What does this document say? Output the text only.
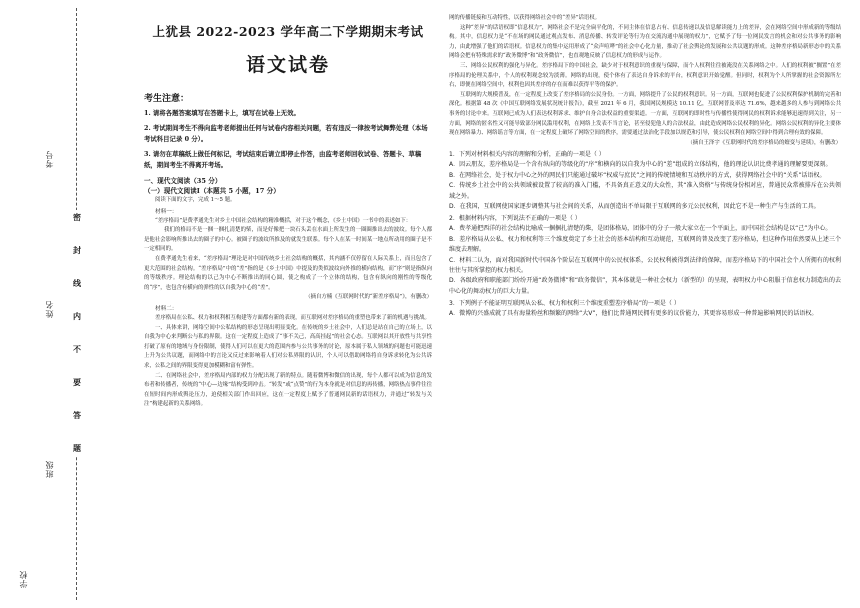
考号
姓名
班级
学校
密
封
线
内
不
要
答
题
上犹县 2022-2023 学年高二下学期期末考试
语文试卷
考生注意：

1. 请将各题答案填写在答题卡上，填写在试卷上无效。

2. 考试期间考生不得向监考老师提出任何与试卷内容相关问题，若有违反一律按考试舞弊处理（本场考试科目记录 0 分）。

3. 请勿在草稿纸上做任何标记，考试结束后请立即停止作答，由监考老师回收试卷、答题卡、草稿纸，期间考生不得离开考场。

一、现代文阅读（35 分）
（一）现代文阅读Ⅰ（本题共 5 小题，17 分）

阅读下面的文字，完成 1～5 题。

材料一：

“差序格局”是费孝通先生对乡土中国社会结构的精准概括，对于这个概念，《乡土中国》一书中的表述如下：

我们的格局不是一捆一捆扎清楚的柴，而是好像把一块石头丢在水面上所发生的一圈圈推出去的波纹。每个人都是他社会影响所推出去的圈子的中心。被圈子的波纹所推及的就发生联系。每个人在某一时间某一地点所动用的圈子是不一定相同的。

在费孝通先生看来，“差序格局”理论是对中国传统乡土社会结构的概括，其内涵不仅停留在人际关系上，而且包含了更大范围的社会结构。“差序格局”中的“差”指的是《乡土中国》中提及的类似波纹向外推的横向结构，而“序”则是指纵向的等级秩序。理论结构的以己为中心不断推出的同心圆，使之构成了一个立体的结构，包含有纵向的刚性的等级化的“序”，也包含有横向的弹性的以自我为中心的“差”。

（摘自方楠《互联网时代的“新差序格局”》，有删改）

材料二：

差序格局在公私、权力和权利相互构建等方面都有新的表现，而互联网对差序格局的重塑也带来了新的机遇与挑战。

一、具体来讲，网络空间中公私结构的形态呈现出明显变化。在传统的乡土社会中，人们总是站在自己的立场上，以自我为中心来判断公与私的界限。这在一定程度上造成了“事不关己，高高挂起”的社会心态。互联网以其开放性与共享性打破了原有的地域与身份限制，使得人们可以在更大的范围内参与公共事务的讨论，原本属于私人领域的问题也可能迅速上升为公共议题，而网络中的言论又反过来影响着人们对公私界限的认识，个人可以借助网络将自身诉求转化为公共诉求，公私之间的界限变得更加模糊和富有弹性。

二、在网络社会中，差序格局内部的权力分配出现了新的特点。随着微博和微信的出现，每个人都可以成为信息的发布者和传播者，传统的“中心—边缘”结构受到冲击。“转发”或“点赞”的行为本身就是对信息的再传播，网络热点事件往往在短时间内形成舆论压力，迫使相关部门作出回应，这在一定程度上赋予了普通网民新的话语权力，并通过“转发与关注”构建起新的关系网络。

网的传播链接和互动特性，以获得网络社会中的“差异”话语权。

这种“差异”的话语权即“信息权力”，网络社会不是完全扁平化的，不同主体在信息占有、信息传递以及信息解读能力上的差异，会在网络空间中形成新的等级结构。其中，信息权力是“不在场的网民通过观点发布、消息传播、转发评论等行为在交流沟通中展现的权力”，它赋予了每一位网民发言的机会和对公共事务的影响力，由此增强了他们的话语权。信息权力的集中运用形成了“众声喧哗”的社会中心化力量，推动了社会舆论的发展和公共议题的形成。这种差序格局新形态中的关系网络会把有特殊需求的“政务微博”和“政务微信”，也直观地反映了信息权力的形成与运作。

三、网络公民权利的强化与异化。差序格局下的中国社会，缺少对于权利意识的重视与保障，而个人权利往往被淹没在关系网络之中。人们的权利被“搁置”在差序格局的伦理关系中，个人的权利观念较为淡薄。网络的出现，使个体有了表达自身诉求的平台，权利意识开始觉醒。但同时，权利为个人所掌握的社会资源所左右，即便在网络空间中，权利也因其差序的存在而难以获得平等的保护。

互联网的大规模普及，在一定程度上改变了差序格局的公民身份。一方面，网络提升了公民的权利意识。另一方面，互联网也促进了公民权利保护机制的完善和深化。根据第 48 次《中国互联网络发展状况统计报告》，截至 2021 年 6 月，我国网民规模达 10.11 亿，互联网普及率达 71.6%，越来越多的人参与到网络公共事务的讨论中来。互联网已成为人们表达权利诉求、维护自身合法权益的重要渠道。一方面，互联网的即时性与传播性使得网民的权利诉求能够迅速得到关注，另一方面，网络的匿名性又可能导致部分网民滥用权利，在网络上发表不当言论，甚至侵犯他人的合法权益，由此造成网络公民权利的异化。网络公民权利的异化主要体现在网络暴力、网络谣言等方面，在一定程度上破坏了网络空间的秩序，需要通过法治化手段加以规范和引导，使公民权利在网络空间中得到合理有效的保障。

（摘自王泽宇《互联网时代的差序格局的嬗变与延续》，有删改）

1．下列对材料相关内容的理解和分析，正确的一项是（ ）

A．因云朋友，差序格局是一个含有纵向的等级化的“序”和横向的以自我为中心的“差”组成的立体结构，他的理论认识比费孝通的理解要更深刻。

B．在网络社会，处于权力中心之外的网民们只能通过破坏“权威与庶民”之间的传统情境和互动秩序的方式，获得网络社会中的“关系”话语权。

C．传统乡土社会中的公共领域被设置了较高的准入门槛，不具备真正意义的大众性，其“准入资格”与传统身份相对应，普通民众常被排斥在公共领域之外。

D．在我国，互联网使国家逐步调整其与社会间的关系，从而创造出不单局限于互联网的多元公民权利，因此它不是一种生产与生活的工具。

2．根据材料内容，下列说法不正确的一项是（ ）

A．费孝通把西洋的社会结构比喻成一捆捆扎清楚的柴，是团体格局，团体中的分子一般大家立在一个平面上，而中国社会结构是以“己”为中心。

B．差序格局从公私、权力和权利等三个维度奠定了乡土社会的基本结构和互动规范，互联网的普及改变了差序格局，但这种作用依然要从上述三个维度去理解。

C．材料二认为，面对我国新时代中国各个阶层在互联网中的公民权体系，公民权利被得到法律的保障，而差序格局下的中国社会个人所拥有的权利往往与其所掌控的权力相关。

D．各级政府和职能部门纷纷开通“政务微博”和“政务微信”，其本体就是一种社会权力（新型的）的呈现，表明权力中心阻服于信息权力制造出的去中心化的舞动权力的巨大力量。

3．下列例子不能证明互联网从公私、权力和权利三个维度重塑差序格局”的一项是（ ）

A．微博的兴盛成就了具有海量粉丝和频繁的网络“大V”，他们比普通网民拥有更多的议价能力，其更容易形成一种普遍影响网民的话语权。
